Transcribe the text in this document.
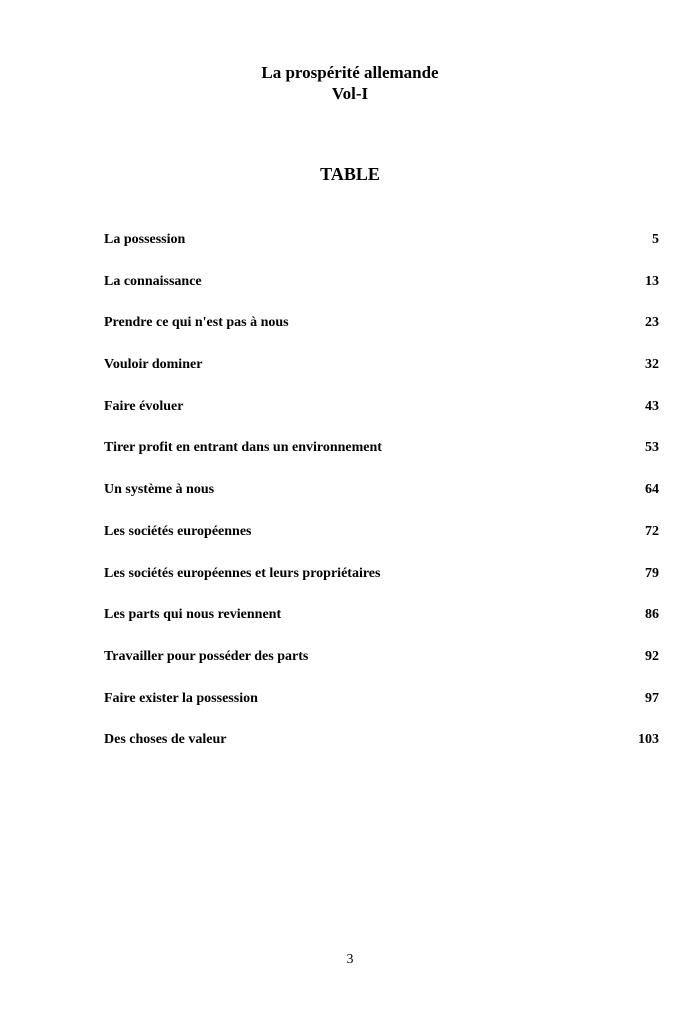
La prospérité allemande
Vol-I
TABLE
La possession	5
La connaissance	13
Prendre ce qui n'est pas à nous	23
Vouloir dominer	32
Faire évoluer	43
Tirer profit en entrant dans un environnement	53
Un système à nous	64
Les sociétés européennes	72
Les sociétés européennes et leurs propriétaires	79
Les parts qui nous reviennent	86
Travailler pour posséder des parts	92
Faire exister la possession	97
Des choses de valeur	103
3
